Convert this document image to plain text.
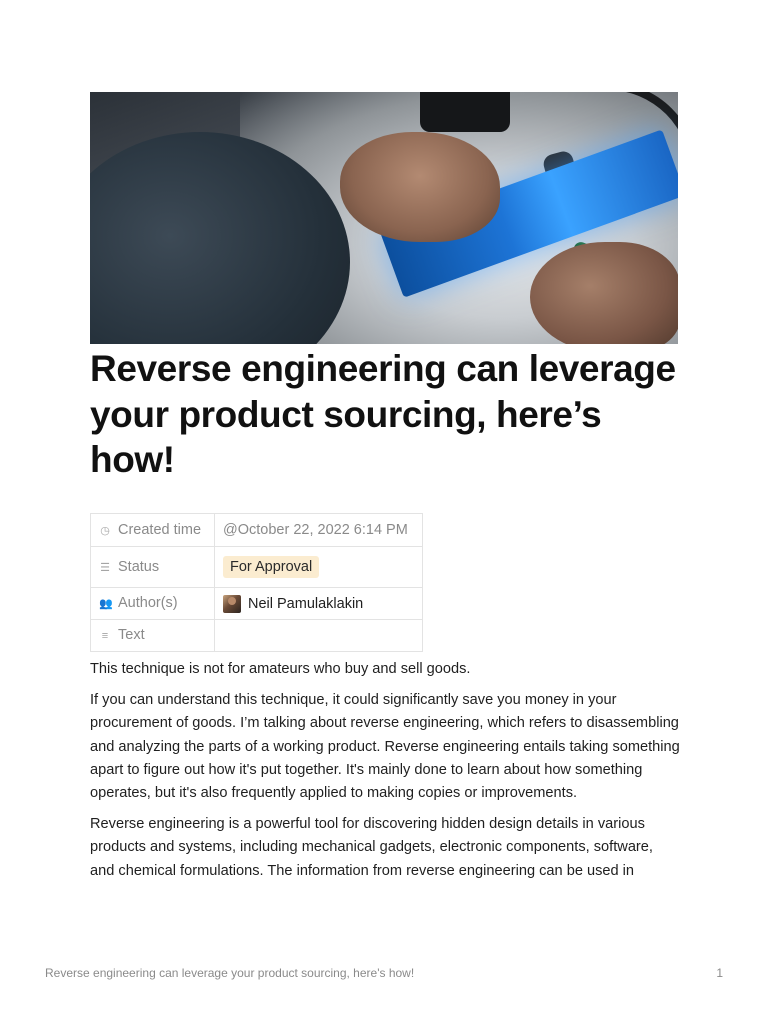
Reverse engineering can leverage your product sourcing, here’s how!
◷ Created time	@October 22, 2022 6:14 PM
☰ Status	For Approval
👥 Author(s)	Neil Pamulaklakin
≡ Text	

This technique is not for amateurs who buy and sell goods.

If you can understand this technique, it could significantly save you money in your procurement of goods. I’m talking about reverse engineering, which refers to disassembling and analyzing the parts of a working product. Reverse engineering entails taking something apart to figure out how it's put together. It's mainly done to learn about how something operates, but it's also frequently applied to making copies or improvements.

Reverse engineering is a powerful tool for discovering hidden design details in various products and systems, including mechanical gadgets, electronic components, software, and chemical formulations. The information from reverse engineering can be used in

Reverse engineering can leverage your product sourcing, here's how!	1
